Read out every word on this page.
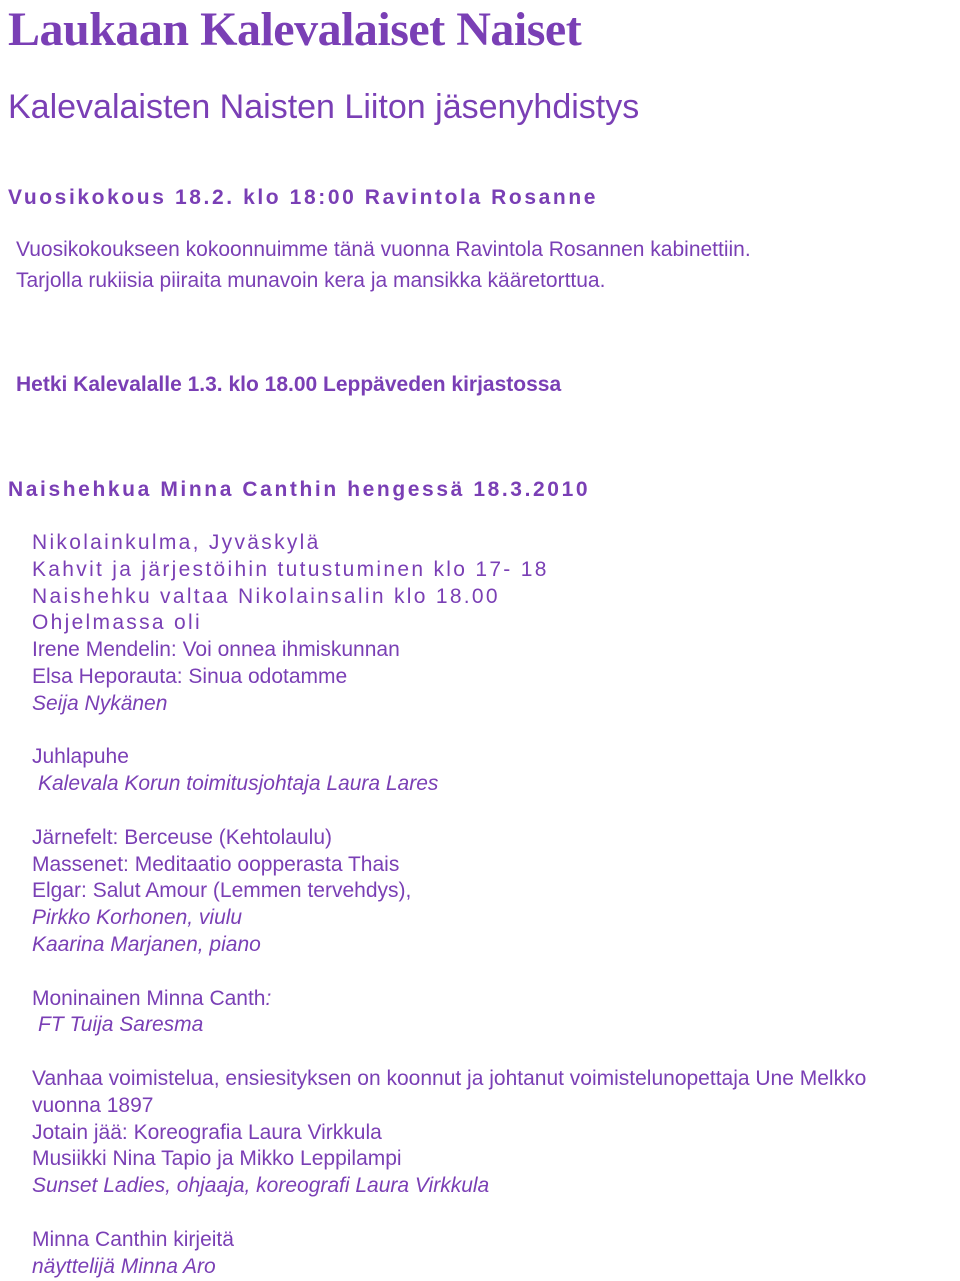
Laukaan Kalevalaiset Naiset
Kalevalaisten Naisten Liiton jäsenyhdistys
Vuosikokous 18.2. klo 18:00 Ravintola Rosanne
Vuosikokoukseen kokoonnuimme tänä vuonna Ravintola Rosannen kabinettiin.
Tarjolla rukiisia piiraita munavoin kera ja mansikka kääretorttua.
Hetki Kalevalalle 1.3. klo 18.00 Leppäveden kirjastossa
Naishehkua Minna Canthin hengessä 18.3.2010
Nikolainkulma, Jyväskylä
Kahvit ja järjestöihin tutustuminen klo 17- 18
Naishehku valtaa Nikolainsalin klo 18.00
Ohjelmassa oli
Irene Mendelin: Voi onnea ihmiskunnan
Elsa Heporauta: Sinua odotamme
Seija Nykänen
Juhlapuhe
Kalevala Korun toimitusjohtaja Laura Lares
Järnefelt: Berceuse (Kehtolaulu)
Massenet: Meditaatio oopperasta Thais
Elgar: Salut Amour (Lemmen tervehdys),
Pirkko Korhonen, viulu
Kaarina Marjanen, piano
Moninainen Minna Canth:
FT Tuija Saresma
Vanhaa voimistelua, ensiesityksen on koonnut ja johtanut voimistelunopettaja Une Melkko
vuonna 1897
Jotain jää: Koreografia Laura Virkkula
Musiikki Nina Tapio ja Mikko Leppilampi
Sunset Ladies, ohjaaja, koreografi Laura Virkkula
Minna Canthin kirjeitä
näyttelijä Minna Aro
